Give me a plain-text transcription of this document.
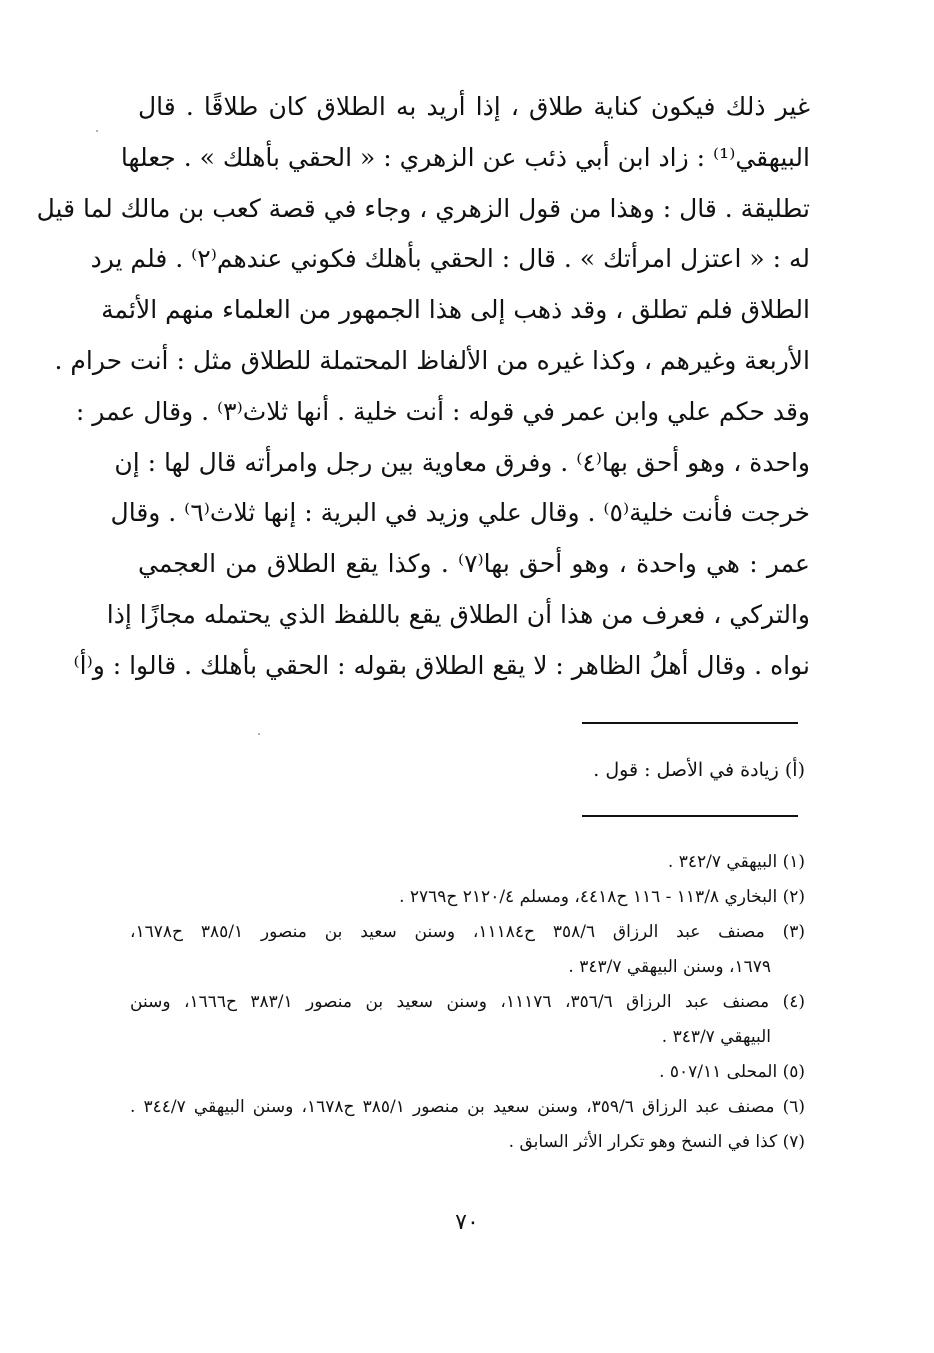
غير ذلك فيكون كناية طلاق ، إذا أريد به الطلاق كان طلاقًا . قال
البيهقي⁽¹⁾ : زاد ابن أبي ذئب عن الزهري : « الحقي بأهلك » . جعلها
تطليقة . قال : وهذا من قول الزهري ، وجاء في قصة كعب بن مالك لما قيل
له : « اعتزل امرأتك » . قال : الحقي بأهلك فكوني عندهم⁽٢⁾ . فلم يرد
الطلاق فلم تطلق ، وقد ذهب إلى هذا الجمهور من العلماء منهم الأئمة
الأربعة وغيرهم ، وكذا غيره من الألفاظ المحتملة للطلاق مثل : أنت حرام .
وقد حكم علي وابن عمر في قوله : أنت خلية . أنها ثلاث⁽٣⁾ . وقال عمر :
واحدة ، وهو أحق بها⁽٤⁾ . وفرق معاوية بين رجل وامرأته قال لها : إن
خرجت فأنت خلية⁽٥⁾ . وقال علي وزيد في البرية : إنها ثلاث⁽٦⁾ . وقال
عمر : هي واحدة ، وهو أحق بها⁽٧⁾ . وكذا يقع الطلاق من العجمي
والتركي ، فعرف من هذا أن الطلاق يقع باللفظ الذي يحتمله مجازًا إذا
نواه . وقال أهلُ الظاهر : لا يقع الطلاق بقوله : الحقي بأهلك . قالوا : و⁽أ⁾
(أ) زيادة في الأصل : قول .
(١) البيهقي ٣٤٢/٧ .
(٢) البخاري ١١٣/٨ - ١١٦ ح٤٤١٨، ومسلم ٢١٢٠/٤ ح٢٧٦٩ .
(٣) مصنف عبد الرزاق ٣٥٨/٦ ح١١١٨٤، وسنن سعيد بن منصور ٣٨٥/١ ح١٦٧٨،
١٦٧٩، وسنن البيهقي ٣٤٣/٧ .
(٤) مصنف عبد الرزاق ٣٥٦/٦، ١١١٧٦، وسنن سعيد بن منصور ٣٨٣/١ ح١٦٦٦، وسنن
البيهقي ٣٤٣/٧ .
(٥) المحلى ٥٠٧/١١ .
(٦) مصنف عبد الرزاق ٣٥٩/٦، وسنن سعيد بن منصور ٣٨٥/١ ح١٦٧٨، وسنن البيهقي ٣٤٤/٧ .
(٧) كذا في النسخ وهو تكرار الأثر السابق .
٧٠
